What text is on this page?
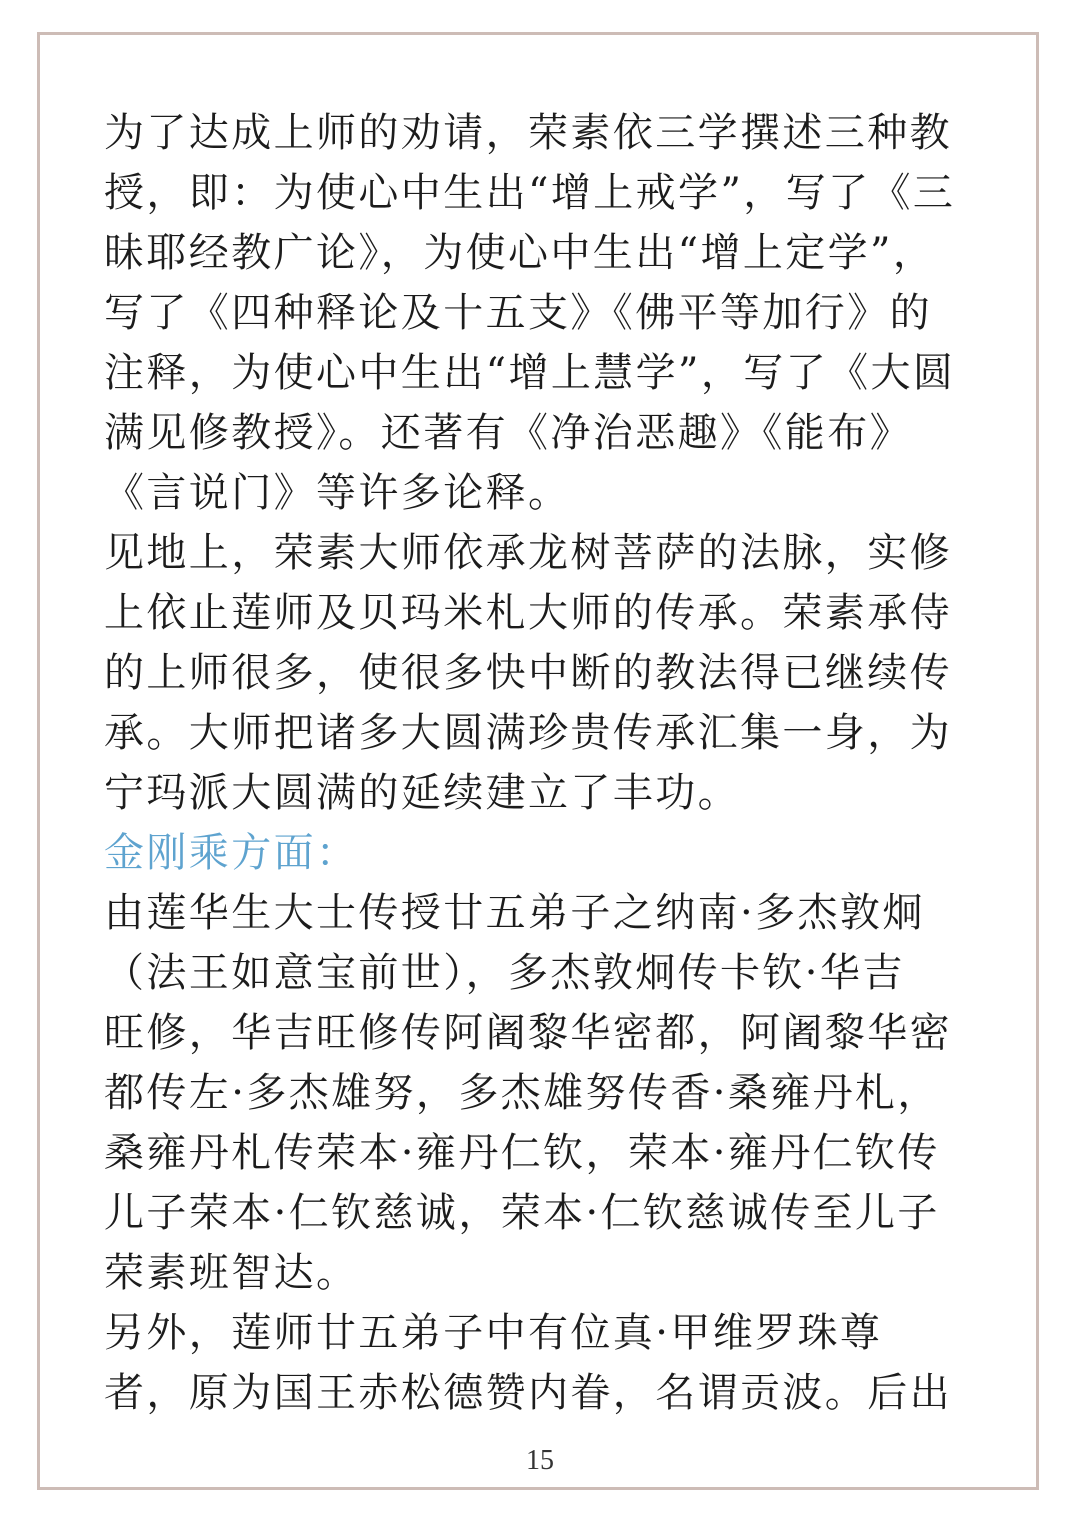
为了达成上师的劝请，荣素依三学撰述三种教
授，即：为使心中生出“增上戒学”，写了《三
昧耶经教广论》，为使心中生出“增上定学”，
写了《四种释论及十五支》《佛平等加行》的
注释，为使心中生出“增上慧学”，写了《大圆
满见修教授》。还著有《净治恶趣》《能布》
《言说门》等许多论释。
见地上，荣素大师依承龙树菩萨的法脉，实修
上依止莲师及贝玛米札大师的传承。荣素承侍
的上师很多，使很多快中断的教法得已继续传
承。大师把诸多大圆满珍贵传承汇集一身，为
宁玛派大圆满的延续建立了丰功。
金刚乘方面：
由莲华生大士传授廿五弟子之纳南·多杰敦炯
（法王如意宝前世），多杰敦炯传卡钦·华吉
旺修，华吉旺修传阿阇黎华密都，阿阇黎华密
都传左·多杰雄努，多杰雄努传香·桑雍丹札，
桑雍丹札传荣本·雍丹仁钦，荣本·雍丹仁钦传
儿子荣本·仁钦慈诚，荣本·仁钦慈诚传至儿子
荣素班智达。
另外，莲师廿五弟子中有位真·甲维罗珠尊
者，原为国王赤松德赞内眷，名谓贡波。后出
15
